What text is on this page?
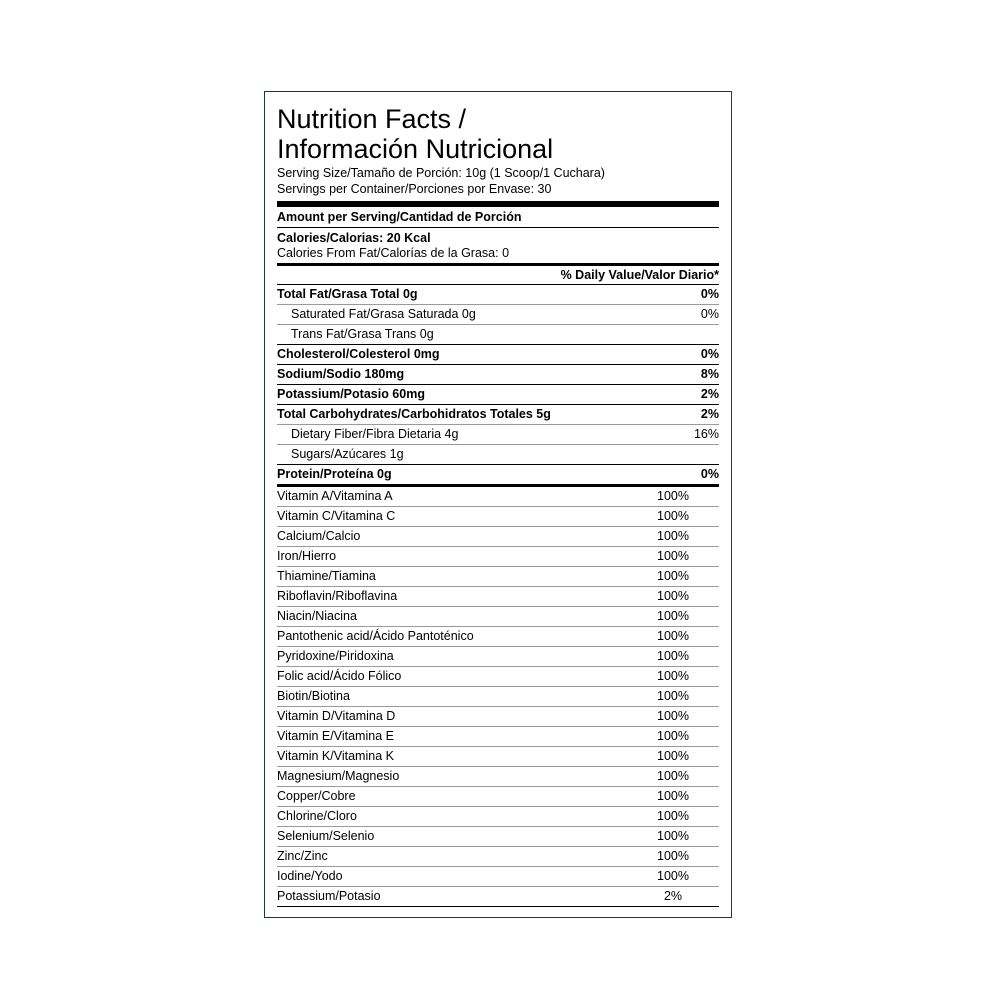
Nutrition Facts /
Información Nutricional
Serving Size/Tamaño de Porción: 10g (1 Scoop/1 Cuchara)
Servings per Container/Porciones por Envase: 30
Amount per Serving/Cantidad de Porción
Calories/Calorias: 20 Kcal
Calories From Fat/Calorías de la Grasa: 0
% Daily Value/Valor Diario*
Total Fat/Grasa Total 0g	0%
Saturated Fat/Grasa Saturada 0g	0%
Trans Fat/Grasa Trans 0g
Cholesterol/Colesterol 0mg	0%
Sodium/Sodio 180mg	8%
Potassium/Potasio 60mg	2%
Total Carbohydrates/Carbohidratos Totales 5g	2%
Dietary Fiber/Fibra Dietaria 4g	16%
Sugars/Azúcares 1g
Protein/Proteína 0g	0%
Vitamin A/Vitamina A	100%
Vitamin C/Vitamina C	100%
Calcium/Calcio	100%
Iron/Hierro	100%
Thiamine/Tiamina	100%
Riboflavin/Riboflavina	100%
Niacin/Niacina	100%
Pantothenic acid/Ácido Pantoténico	100%
Pyridoxine/Piridoxina	100%
Folic acid/Ácido Fólico	100%
Biotin/Biotina	100%
Vitamin D/Vitamina D	100%
Vitamin E/Vitamina E	100%
Vitamin K/Vitamina K	100%
Magnesium/Magnesio	100%
Copper/Cobre	100%
Chlorine/Cloro	100%
Selenium/Selenio	100%
Zinc/Zinc	100%
Iodine/Yodo	100%
Potassium/Potasio	2%
